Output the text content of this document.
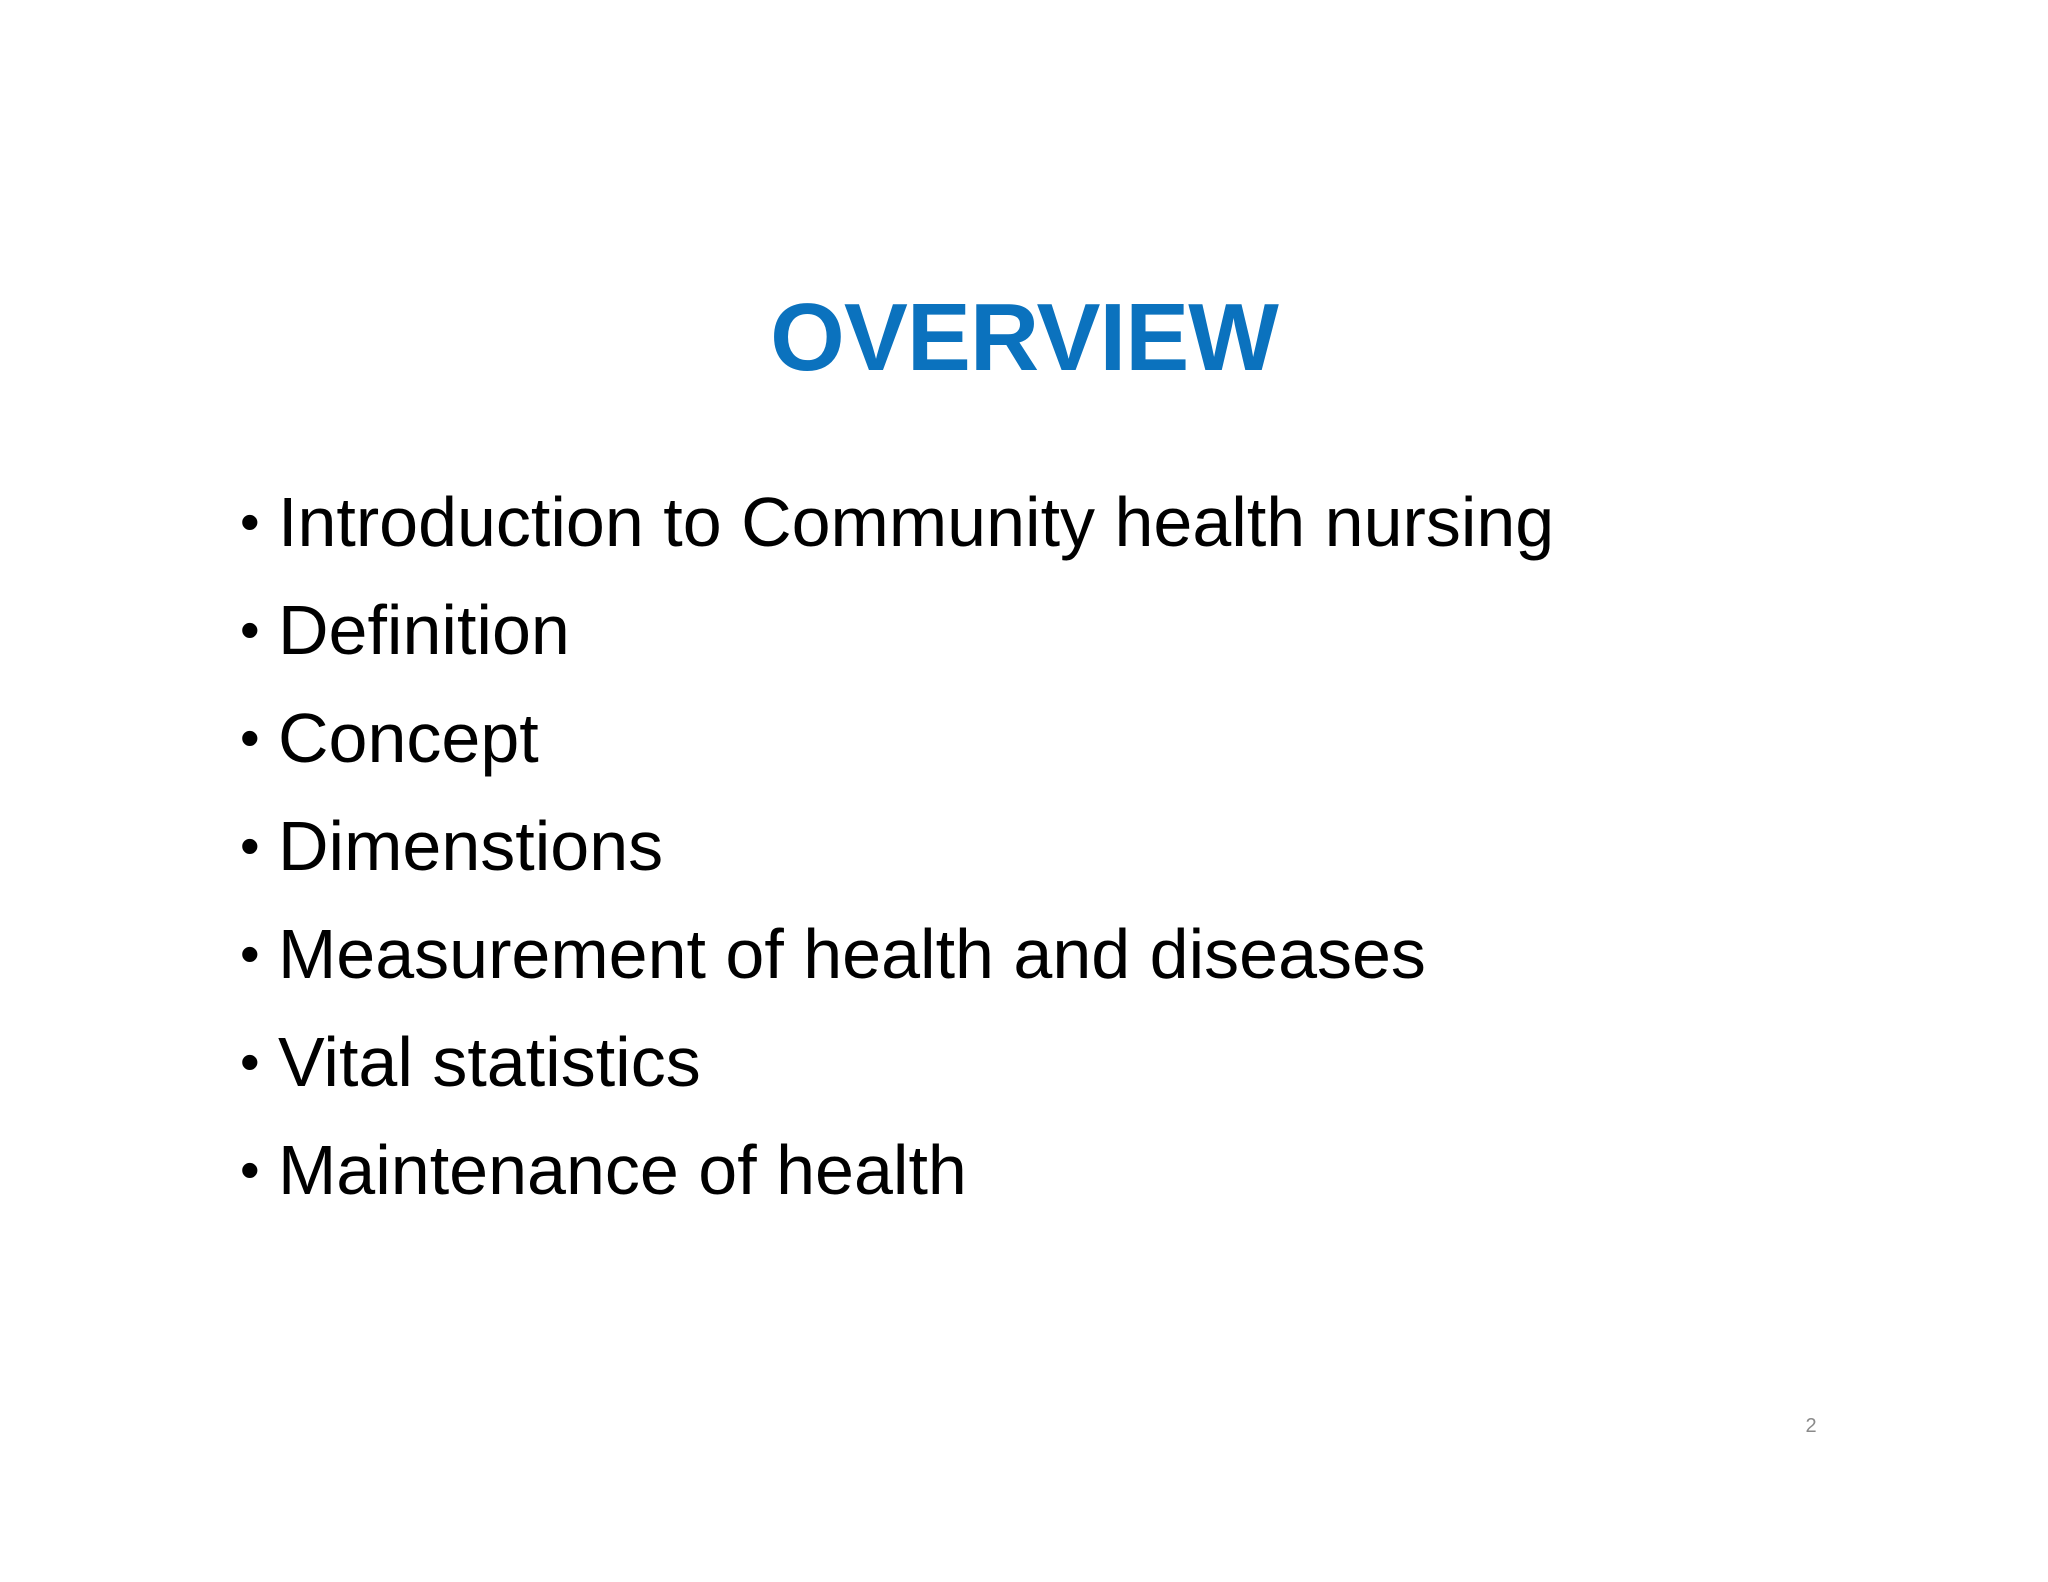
OVERVIEW
• Introduction to Community health nursing
• Definition
• Concept
• Dimenstions
• Measurement of health and diseases
• Vital statistics
• Maintenance of health
2
